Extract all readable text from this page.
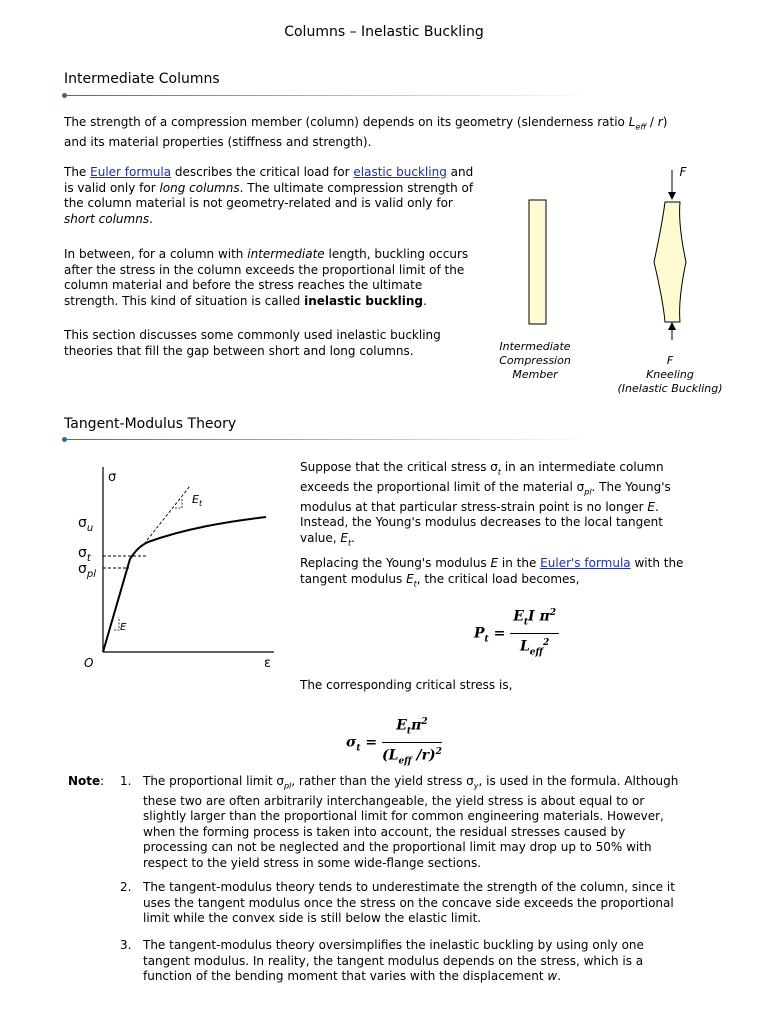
Columns – Inelastic Buckling
Intermediate Columns
The strength of a compression member (column) depends on its geometry (slenderness ratio $L_{eff} / r$)
and its material properties (stiffness and strength).
The Euler formula describes the critical load for elastic buckling and
is valid only for long columns. The ultimate compression strength of
the column material is not geometry-related and is valid only for
short columns.
In between, for a column with intermediate length, buckling occurs
after the stress in the column exceeds the proportional limit of the
column material and before the stress reaches the ultimate
strength. This kind of situation is called inelastic buckling.
This section discusses some commonly used inelastic buckling
theories that fill the gap between short and long columns.
F
Intermediate
Compression
Member
F
Kneeling
(Inelastic Buckling)
Tangent-Modulus Theory
σ
ε
O
$\sigma_u$
$\sigma_t$
$\sigma_{pl}$
$E_t$
E
Suppose that the critical stress $\sigma_t$ in an intermediate column
exceeds the proportional limit of the material $\sigma_{pl}$. The Young's
modulus at that particular stress-strain point is no longer E.
Instead, the Young's modulus decreases to the local tangent
value, $E_t$.
Replacing the Young's modulus E in the Euler's formula with the
tangent modulus $E_t$, the critical load becomes,
$P_t = \frac{E_tI \pi^2}{L_{eff}^2}$
The corresponding critical stress is,
$\sigma_t = \frac{E_t\pi^2}{(L_{eff} /r)^2}$
Note: 1. The proportional limit $\sigma_{pl}$, rather than the yield stress $\sigma_y$, is used in the formula. Although
these two are often arbitrarily interchangeable, the yield stress is about equal to or
slightly larger than the proportional limit for common engineering materials. However,
when the forming process is taken into account, the residual stresses caused by
processing can not be neglected and the proportional limit may drop up to 50% with
respect to the yield stress in some wide-flange sections.
2. The tangent-modulus theory tends to underestimate the strength of the column, since it
uses the tangent modulus once the stress on the concave side exceeds the proportional
limit while the convex side is still below the elastic limit.
3. The tangent-modulus theory oversimplifies the inelastic buckling by using only one
tangent modulus. In reality, the tangent modulus depends on the stress, which is a
function of the bending moment that varies with the displacement w.
